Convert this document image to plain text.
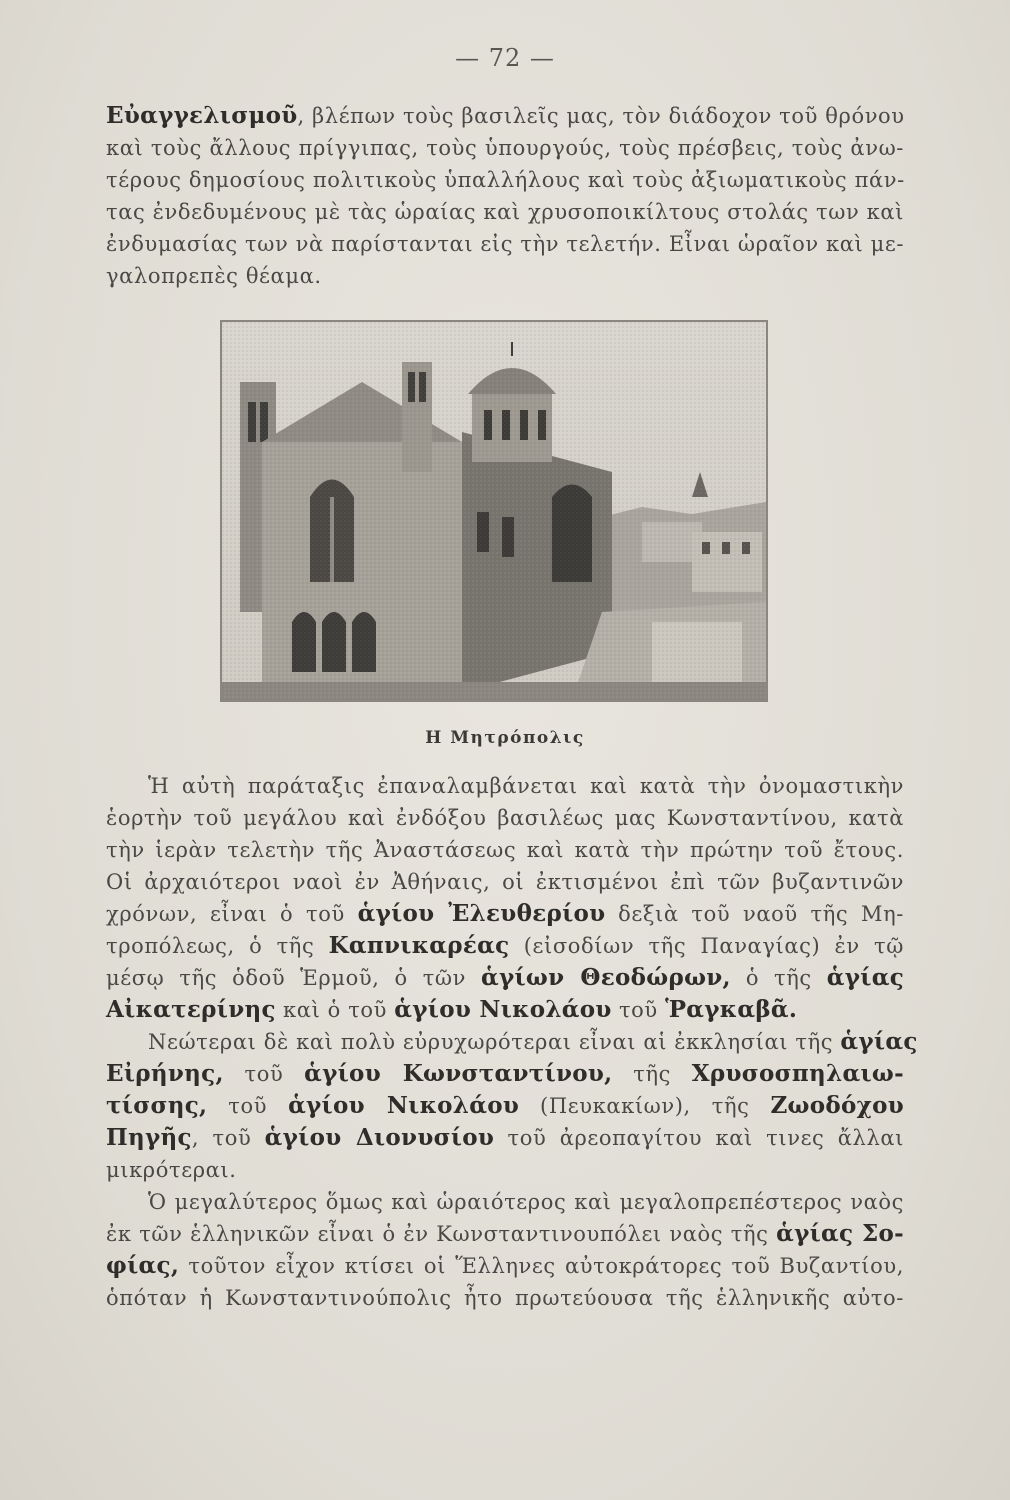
— 72 —
Εὐαγγελισμοῦ, βλέπων τοὺς βασιλεῖς μας, τὸν διάδοχον τοῦ θρόνου
καὶ τοὺς ἄλλους πρίγγιπας, τοὺς ὑπουργούς, τοὺς πρέσβεις, τοὺς ἀνω-
τέρους δημοσίους πολιτικοὺς ὑπαλλήλους καὶ τοὺς ἀξιωματικοὺς πάν-
τας ἐνδεδυμένους μὲ τὰς ὡραίας καὶ χρυσοποικίλτους στολάς των καὶ
ἐνδυμασίας των νὰ παρίστανται εἰς τὴν τελετήν. Εἶναι ὡραῖον καὶ με-
γαλοπρεπὲς θέαμα.
Η Μητρόπολις
Ἡ αὐτὴ παράταξις ἐπαναλαμβάνεται καὶ κατὰ τὴν ὀνομαστικὴν
ἑορτὴν τοῦ μεγάλου καὶ ἐνδόξου βασιλέως μας Κωνσταντίνου, κατὰ
τὴν ἱερὰν τελετὴν τῆς Ἀναστάσεως καὶ κατὰ τὴν πρώτην τοῦ ἔτους.
Οἱ ἀρχαιότεροι ναοὶ ἐν Ἀθήναις, οἱ ἐκτισμένοι ἐπὶ τῶν βυζαντινῶν
χρόνων, εἶναι ὁ τοῦ ἁγίου Ἐλευθερίου δεξιὰ τοῦ ναοῦ τῆς Μη-
τροπόλεως, ὁ τῆς Καπνικαρέας (εἰσοδίων τῆς Παναγίας) ἐν τῷ
μέσῳ τῆς ὁδοῦ Ἑρμοῦ, ὁ τῶν ἁγίων Θεοδώρων, ὁ τῆς ἁγίας
Αἰκατερίνης καὶ ὁ τοῦ ἁγίου Νικολάου τοῦ Ῥαγκαβᾶ.
Νεώτεραι δὲ καὶ πολὺ εὐρυχωρότεραι εἶναι αἱ ἐκκλησίαι τῆς ἁγίας
Εἰρήνης, τοῦ ἁγίου Κωνσταντίνου, τῆς Χρυσοσπηλαιω-
τίσσης, τοῦ ἁγίου Νικολάου (Πευκακίων), τῆς Ζωοδόχου
Πηγῆς, τοῦ ἁγίου Διονυσίου τοῦ ἀρεοπαγίτου καὶ τινες ἄλλαι
μικρότεραι.
Ὁ μεγαλύτερος ὅμως καὶ ὡραιότερος καὶ μεγαλοπρεπέστερος ναὸς
ἐκ τῶν ἑλληνικῶν εἶναι ὁ ἐν Κωνσταντινουπόλει ναὸς τῆς ἁγίας Σο-
φίας, τοῦτον εἶχον κτίσει οἱ Ἕλληνες αὐτοκράτορες τοῦ Βυζαντίου,
ὁπόταν ἡ Κωνσταντινούπολις ἦτο πρωτεύουσα τῆς ἑλληνικῆς αὐτο-
